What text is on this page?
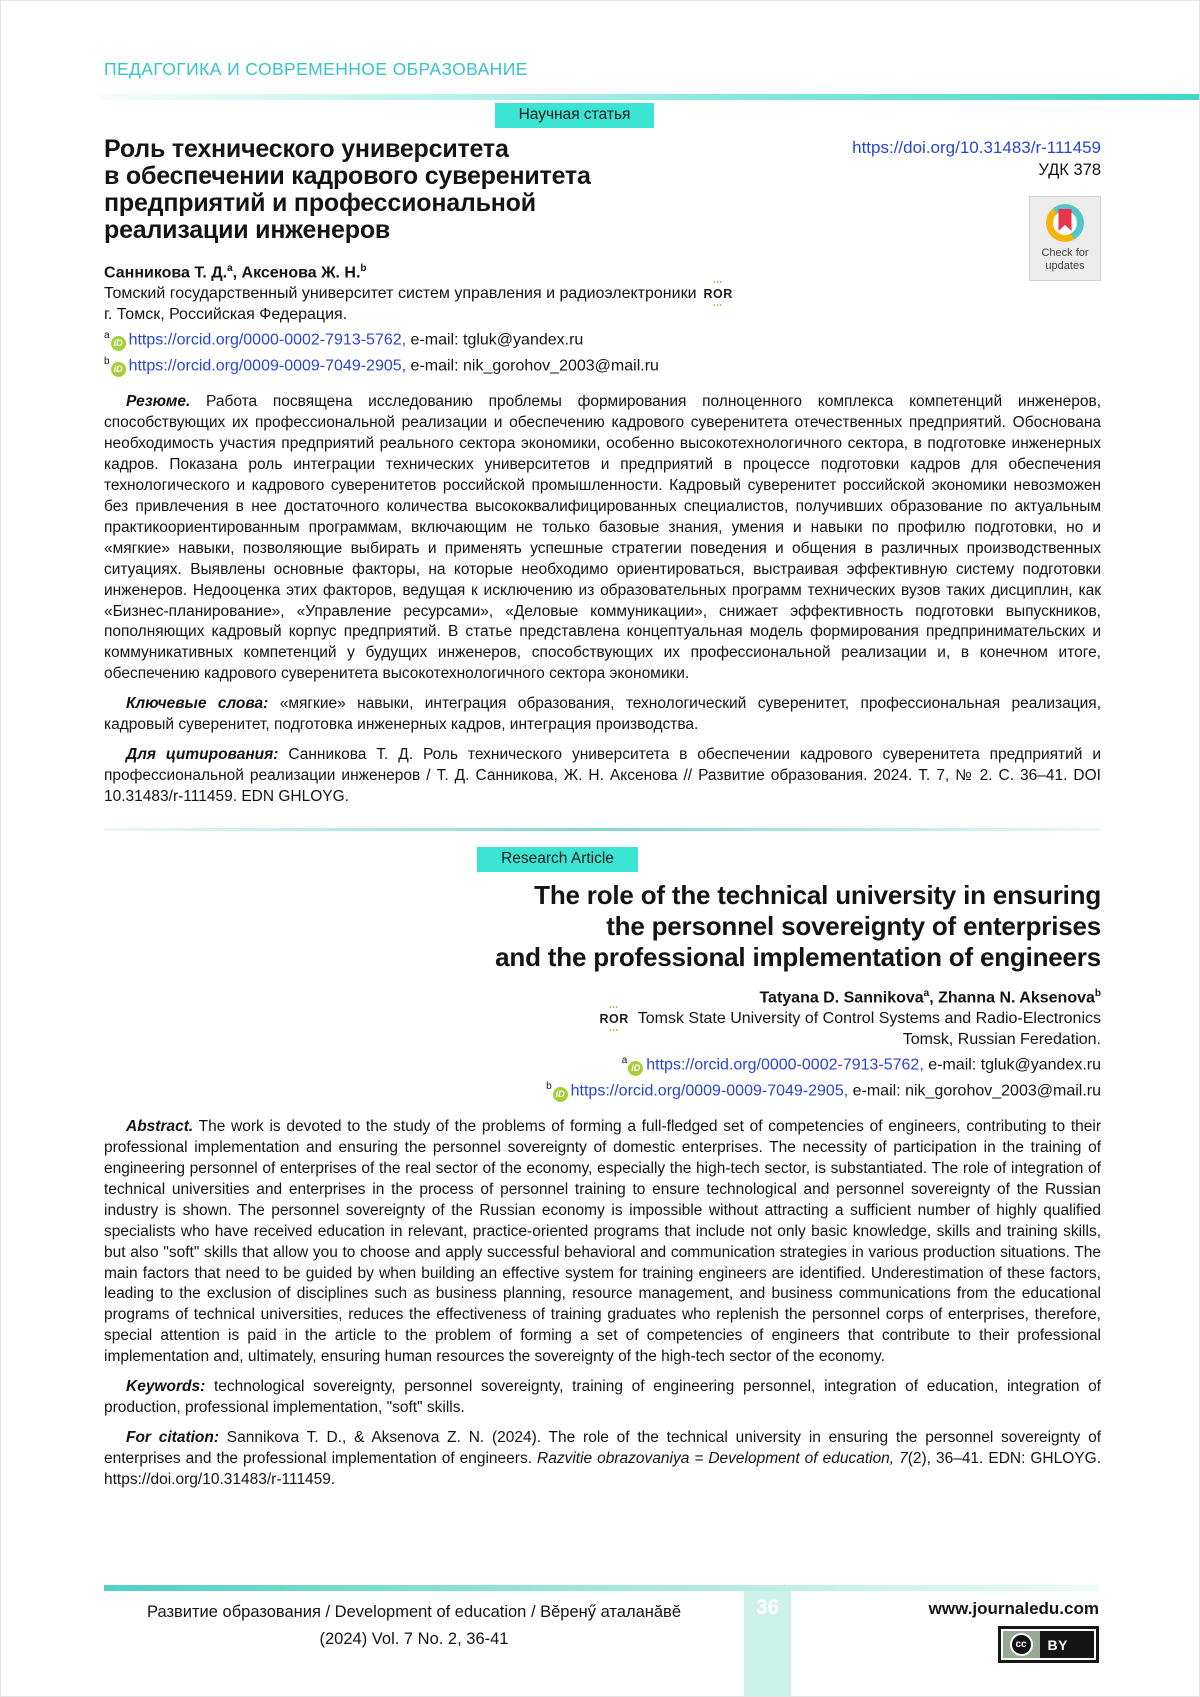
ПЕДАГОГИКА И СОВРЕМЕННОЕ ОБРАЗОВАНИЕ
Научная статья
Роль технического университета
в обеспечении кадрового суверенитета
предприятий и профессиональной
реализации инженеров
https://doi.org/10.31483/r-111459
УДК 378
Check for
updates

Санникова Т. Д.$^a$, Аксенова Ж. Н.$^b$

Томский государственный университет систем управления и радиоэлектроники ••• ROR •••

г. Томск, Российская Федерация.

$^a$iD https://orcid.org/0000-0002-7913-5762, e-mail: tgluk@yandex.ru

$^b$iD https://orcid.org/0009-0009-7049-2905, e-mail: nik_gorohov_2003@mail.ru

Резюме. Работа посвящена исследованию проблемы формирования полноценного комплекса компетенций инженеров, способствующих их профессиональной реализации и обеспечению кадрового суверенитета отечественных предприятий. Обоснована необходимость участия предприятий реального сектора экономики, особенно высокотехнологичного сектора, в подготовке инженерных кадров. Показана роль интеграции технических университетов и предприятий в процессе подготовки кадров для обеспечения технологического и кадрового суверенитетов российской промышленности. Кадровый суверенитет российской экономики невозможен без привлечения в нее достаточного количества высококвалифицированных специалистов, получивших образование по актуальным практикоориентированным программам, включающим не только базовые знания, умения и навыки по профилю подготовки, но и «мягкие» навыки, позволяющие выбирать и применять успешные стратегии поведения и общения в различных производственных ситуациях. Выявлены основные факторы, на которые необходимо ориентироваться, выстраивая эффективную систему подготовки инженеров. Недооценка этих факторов, ведущая к исключению из образовательных программ технических вузов таких дисциплин, как «Бизнес-планирование», «Управление ресурсами», «Деловые коммуникации», снижает эффективность подготовки выпускников, пополняющих кадровый корпус предприятий. В статье представлена концептуальная модель формирования предпринимательских и коммуникативных компетенций у будущих инженеров, способствующих их профессиональной реализации и, в конечном итоге, обеспечению кадрового суверенитета высокотехнологичного сектора экономики.

Ключевые слова: «мягкие» навыки, интеграция образования, технологический суверенитет, профессиональная реализация, кадровый суверенитет, подготовка инженерных кадров, интеграция производства.

Для цитирования: Санникова Т. Д. Роль технического университета в обеспечении кадрового суверенитета предприятий и профессиональной реализации инженеров / Т. Д. Санникова, Ж. Н. Аксенова // Развитие образования. 2024. Т. 7, № 2. С. 36–41. DOI 10.31483/r-111459. EDN GHLOYG.

Research Article
The role of the technical university in ensuring
the personnel sovereignty of enterprises
and the professional implementation of engineers

Tatyana D. Sannikova$^a$, Zhanna N. Aksenova$^b$

••• ROR ••• Tomsk State University of Control Systems and Radio-Electronics

Tomsk, Russian Feredation.

$^a$iD https://orcid.org/0000-0002-7913-5762, e-mail: tgluk@yandex.ru

$^b$iD https://orcid.org/0009-0009-7049-2905, e-mail: nik_gorohov_2003@mail.ru

Abstract. The work is devoted to the study of the problems of forming a full-fledged set of competencies of engineers, contributing to their professional implementation and ensuring the personnel sovereignty of domestic enterprises. The necessity of participation in the training of engineering personnel of enterprises of the real sector of the economy, especially the high-tech sector, is substantiated. The role of integration of technical universities and enterprises in the process of personnel training to ensure technological and personnel sovereignty of the Russian industry is shown. The personnel sovereignty of the Russian economy is impossible without attracting a sufficient number of highly qualified specialists who have received education in relevant, practice-oriented programs that include not only basic knowledge, skills and training skills, but also "soft" skills that allow you to choose and apply successful behavioral and communication strategies in various production situations. The main factors that need to be guided by when building an effective system for training engineers are identified. Underestimation of these factors, leading to the exclusion of disciplines such as business planning, resource management, and business communications from the educational programs of technical universities, reduces the effectiveness of training graduates who replenish the personnel corps of enterprises, therefore, special attention is paid in the article to the problem of forming a set of competencies of engineers that contribute to their professional implementation and, ultimately, ensuring human resources the sovereignty of the high-tech sector of the economy.

Keywords: technological sovereignty, personnel sovereignty, training of engineering personnel, integration of education, integration of production, professional implementation, "soft" skills.

For citation: Sannikova T. D., & Aksenova Z. N. (2024). The role of the technical university in ensuring the personnel sovereignty of enterprises and the professional implementation of engineers. Razvitie obrazovaniya = Development of education, 7(2), 36–41. EDN: GHLOYG. https://doi.org/10.31483/r-111459.

36
Развитие образования / Development of education / Вĕренӳ аталанăвĕ
(2024) Vol. 7 No. 2, 36-41
www.journaledu.com
cc	BY
